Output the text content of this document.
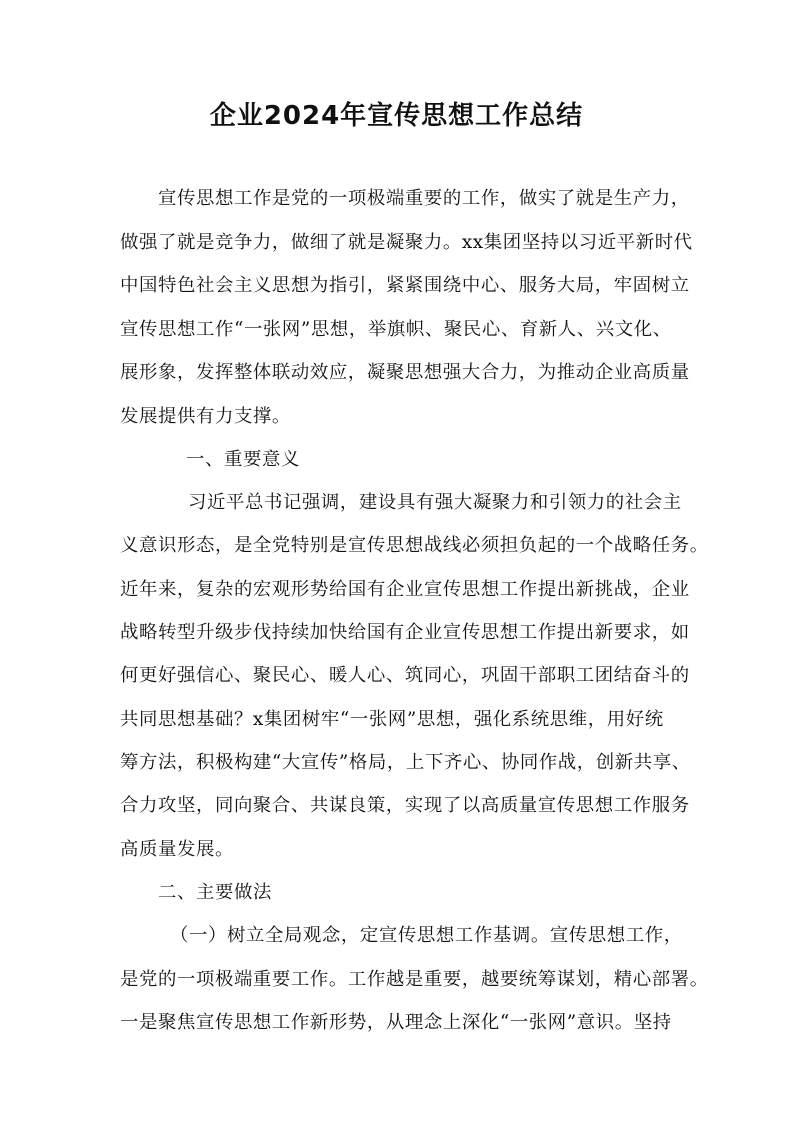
企业2024年宣传思想工作总结
宣传思想工作是党的一项极端重要的工作，做实了就是生产力，
做强了就是竞争力，做细了就是凝聚力。xx集团坚持以习近平新时代
中国特色社会主义思想为指引，紧紧围绕中心、服务大局，牢固树立
宣传思想工作“一张网”思想，举旗帜、聚民心、育新人、兴文化、
展形象，发挥整体联动效应，凝聚思想强大合力，为推动企业高质量
发展提供有力支撑。
一、重要意义
习近平总书记强调，建设具有强大凝聚力和引领力的社会主
义意识形态，是全党特别是宣传思想战线必须担负起的一个战略任务。
近年来，复杂的宏观形势给国有企业宣传思想工作提出新挑战，企业
战略转型升级步伐持续加快给国有企业宣传思想工作提出新要求，如
何更好强信心、聚民心、暖人心、筑同心，巩固干部职工团结奋斗的
共同思想基础？x集团树牢“一张网”思想，强化系统思维，用好统
筹方法，积极构建“大宣传”格局，上下齐心、协同作战，创新共享、
合力攻坚，同向聚合、共谋良策，实现了以高质量宣传思想工作服务
高质量发展。
二、主要做法
（一）树立全局观念，定宣传思想工作基调。宣传思想工作，
是党的一项极端重要工作。工作越是重要，越要统筹谋划，精心部署。
一是聚焦宣传思想工作新形势，从理念上深化“一张网”意识。坚持
